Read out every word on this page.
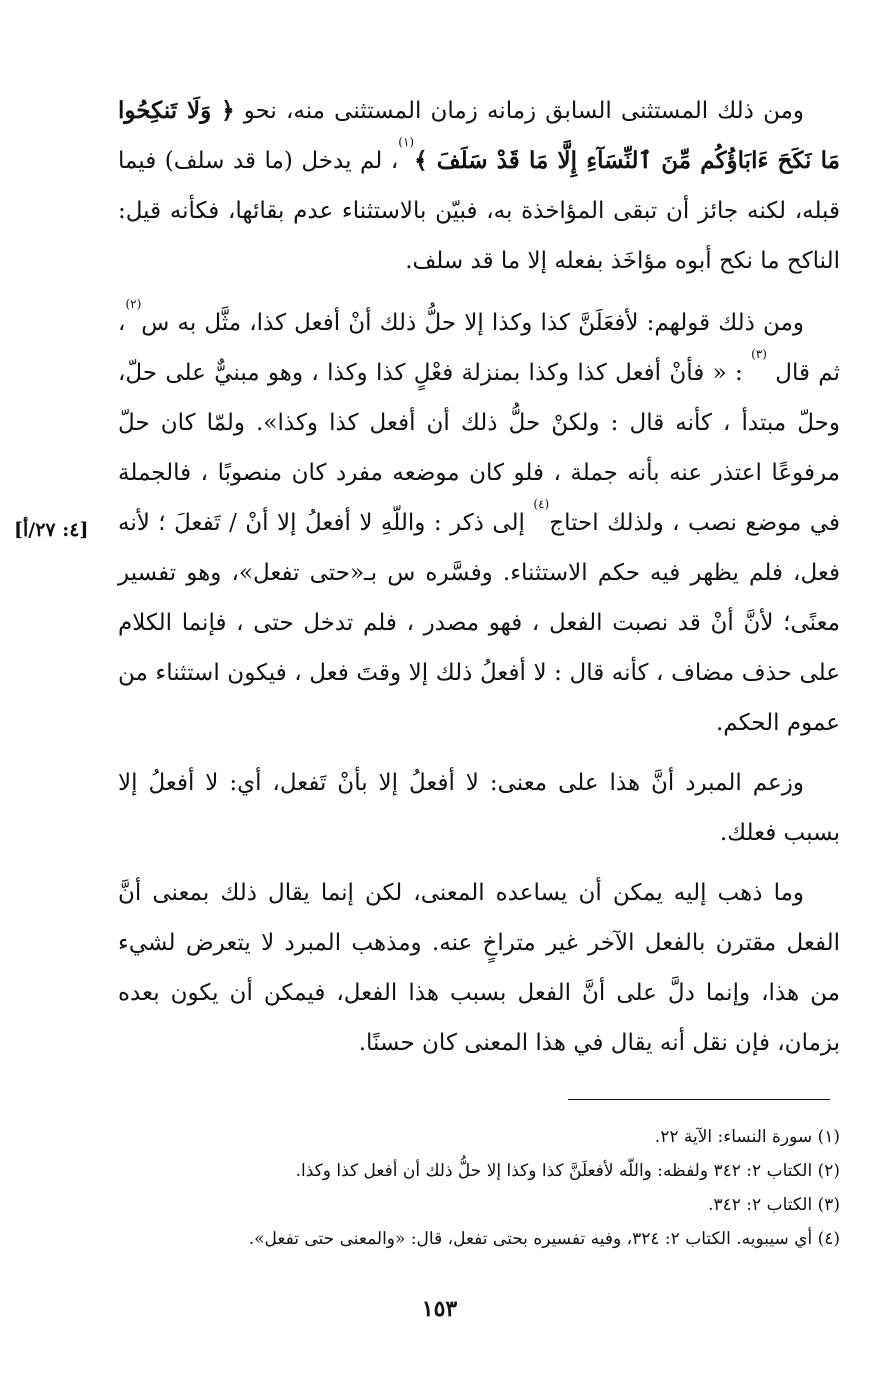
[٤: ٢٧/أ]

ومن ذلك المستثنى السابق زمانه زمان المستثنى منه، نحو ﴿ وَلَا تَنكِحُوا مَا نَكَحَ ءَابَاؤُكُم مِّنَ ٱلنِّسَآءِ إِلَّا مَا قَدْ سَلَفَ ﴾$^{(١)}$، لم يدخل (ما قد سلف) فيما قبله، لكنه جائز أن تبقى المؤاخذة به، فبيّن بالاستثناء عدم بقائها، فكأنه قيل: الناكح ما نكح أبوه مؤاخَذ بفعله إلا ما قد سلف.

ومن ذلك قولهم: لأفعَلَنَّ كذا وكذا إلا حلُّ ذلك أنْ أفعل كذا، مثَّل به س$^{(٢)}$، ثم قال $^{(٣)}$ : « فأنْ أفعل كذا وكذا بمنزلة فعْلٍ كذا وكذا ، وهو مبنيٌّ على حلّ، وحلّ مبتدأ ، كأنه قال : ولكنْ حلُّ ذلك أن أفعل كذا وكذا». ولمّا كان حلّ مرفوعًا اعتذر عنه بأنه جملة ، فلو كان موضعه مفرد كان منصوبًا ، فالجملة في موضع نصب ، ولذلك احتاج$^{(٤)}$ إلى ذكر : واللّهِ لا أفعلُ إلا أنْ / تَفعلَ ؛ لأنه فعل، فلم يظهر فيه حكم الاستثناء. وفسَّره س بـ«حتى تفعل»، وهو تفسير معنًى؛ لأنَّ أنْ قد نصبت الفعل ، فهو مصدر ، فلم تدخل حتى ، فإنما الكلام على حذف مضاف ، كأنه قال : لا أفعلُ ذلك إلا وقتَ فعل ، فيكون استثناء من عموم الحكم.

وزعم المبرد أنَّ هذا على معنى: لا أفعلُ إلا بأنْ تَفعل، أي: لا أفعلُ إلا بسبب فعلك.

وما ذهب إليه يمكن أن يساعده المعنى، لكن إنما يقال ذلك بمعنى أنَّ الفعل مقترن بالفعل الآخر غير متراخٍ عنه. ومذهب المبرد لا يتعرض لشيء من هذا، وإنما دلَّ على أنَّ الفعل بسبب هذا الفعل، فيمكن أن يكون بعده بزمان، فإن نقل أنه يقال في هذا المعنى كان حسنًا.

(١) سورة النساء: الآية ٢٢.
(٢) الكتاب ٢: ٣٤٢ ولفظه: واللّه لأفعلَنَّ كذا وكذا إلا حلُّ ذلك أن أفعل كذا وكذا.
(٣) الكتاب ٢: ٣٤٢.
(٤) أي سيبويه. الكتاب ٢: ٣٢٤، وفيه تفسيره بحتى تفعل، قال: «والمعنى حتى تفعل».
١٥٣
